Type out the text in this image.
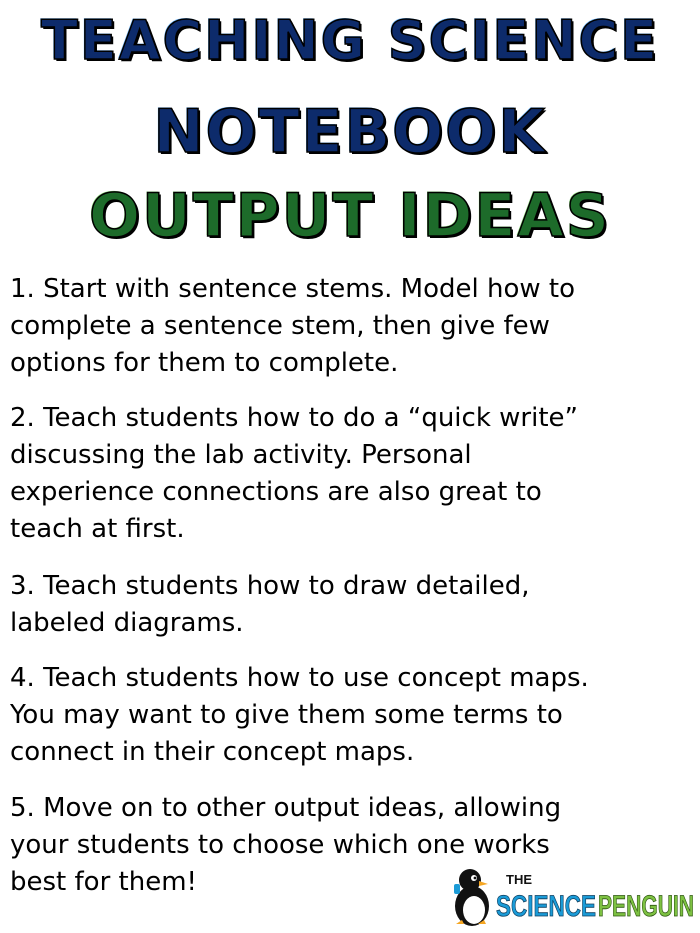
TEACHING SCIENCE
NOTEBOOK
OUTPUT IDEAS

1. Start with sentence stems. Model how to
complete a sentence stem, then give few
options for them to complete.

2. Teach students how to do a “quick write”
discussing the lab activity. Personal
experience connections are also great to
teach at first.

3. Teach students how to draw detailed,
labeled diagrams.

4. Teach students how to use concept maps.
You may want to give them some terms to
connect in their concept maps.

5. Move on to other output ideas, allowing
your students to choose which one works
best for them!	THE
SCIENCE PENGUIN
